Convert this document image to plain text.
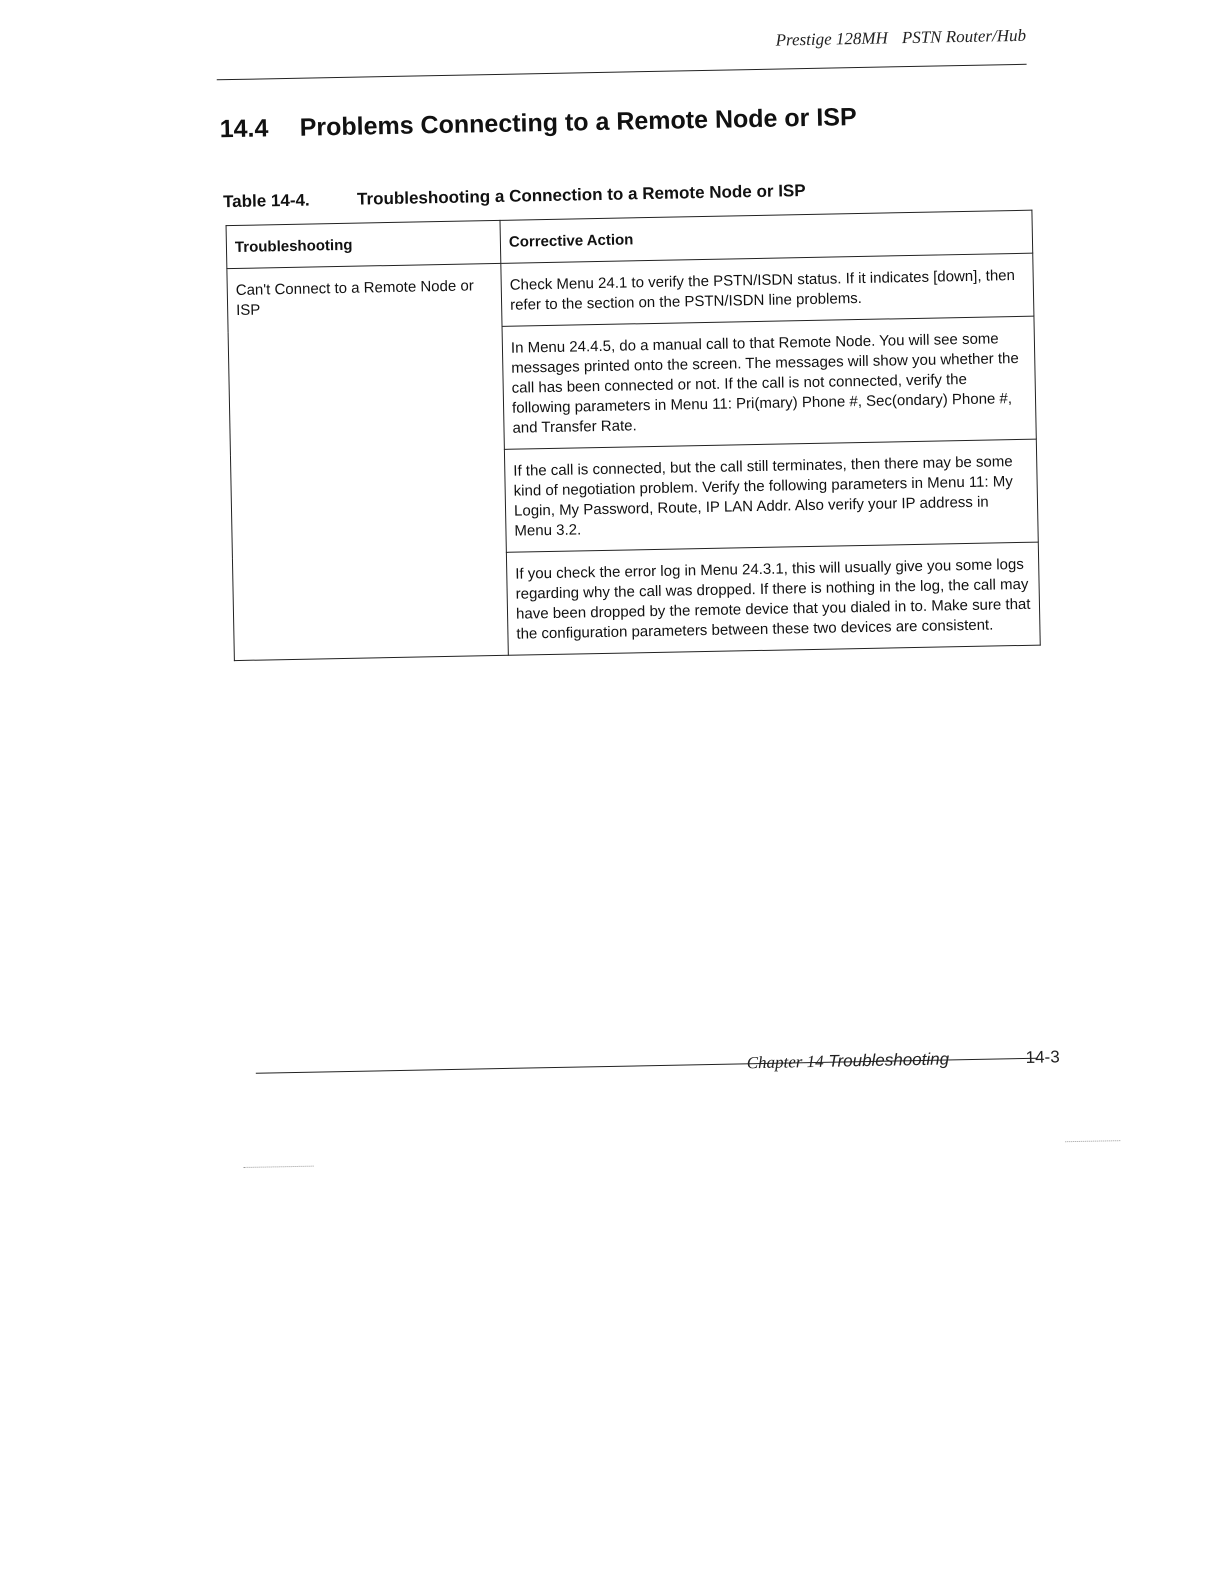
Prestige 128MH PSTN Router/Hub
14.4 Problems Connecting to a Remote Node or ISP
Table 14-4.	Troubleshooting a Connection to a Remote Node or ISP
Troubleshooting	Corrective Action
Can't Connect to a Remote Node or ISP	Check Menu 24.1 to verify the PSTN/ISDN status. If it indicates [down], then refer to the section on the PSTN/ISDN line problems.
	In Menu 24.4.5, do a manual call to that Remote Node. You will see some messages printed onto the screen. The messages will show you whether the call has been connected or not. If the call is not connected, verify the following parameters in Menu 11: Pri(mary) Phone #, Sec(ondary) Phone #, and Transfer Rate.
	If the call is connected, but the call still terminates, then there may be some kind of negotiation problem. Verify the following parameters in Menu 11: My Login, My Password, Route, IP LAN Addr. Also verify your IP address in Menu 3.2.
	If you check the error log in Menu 24.3.1, this will usually give you some logs regarding why the call was dropped. If there is nothing in the log, the call may have been dropped by the remote device that you dialed in to. Make sure that the configuration parameters between these two devices are consistent.
Chapter 14 Troubleshooting	14-3
